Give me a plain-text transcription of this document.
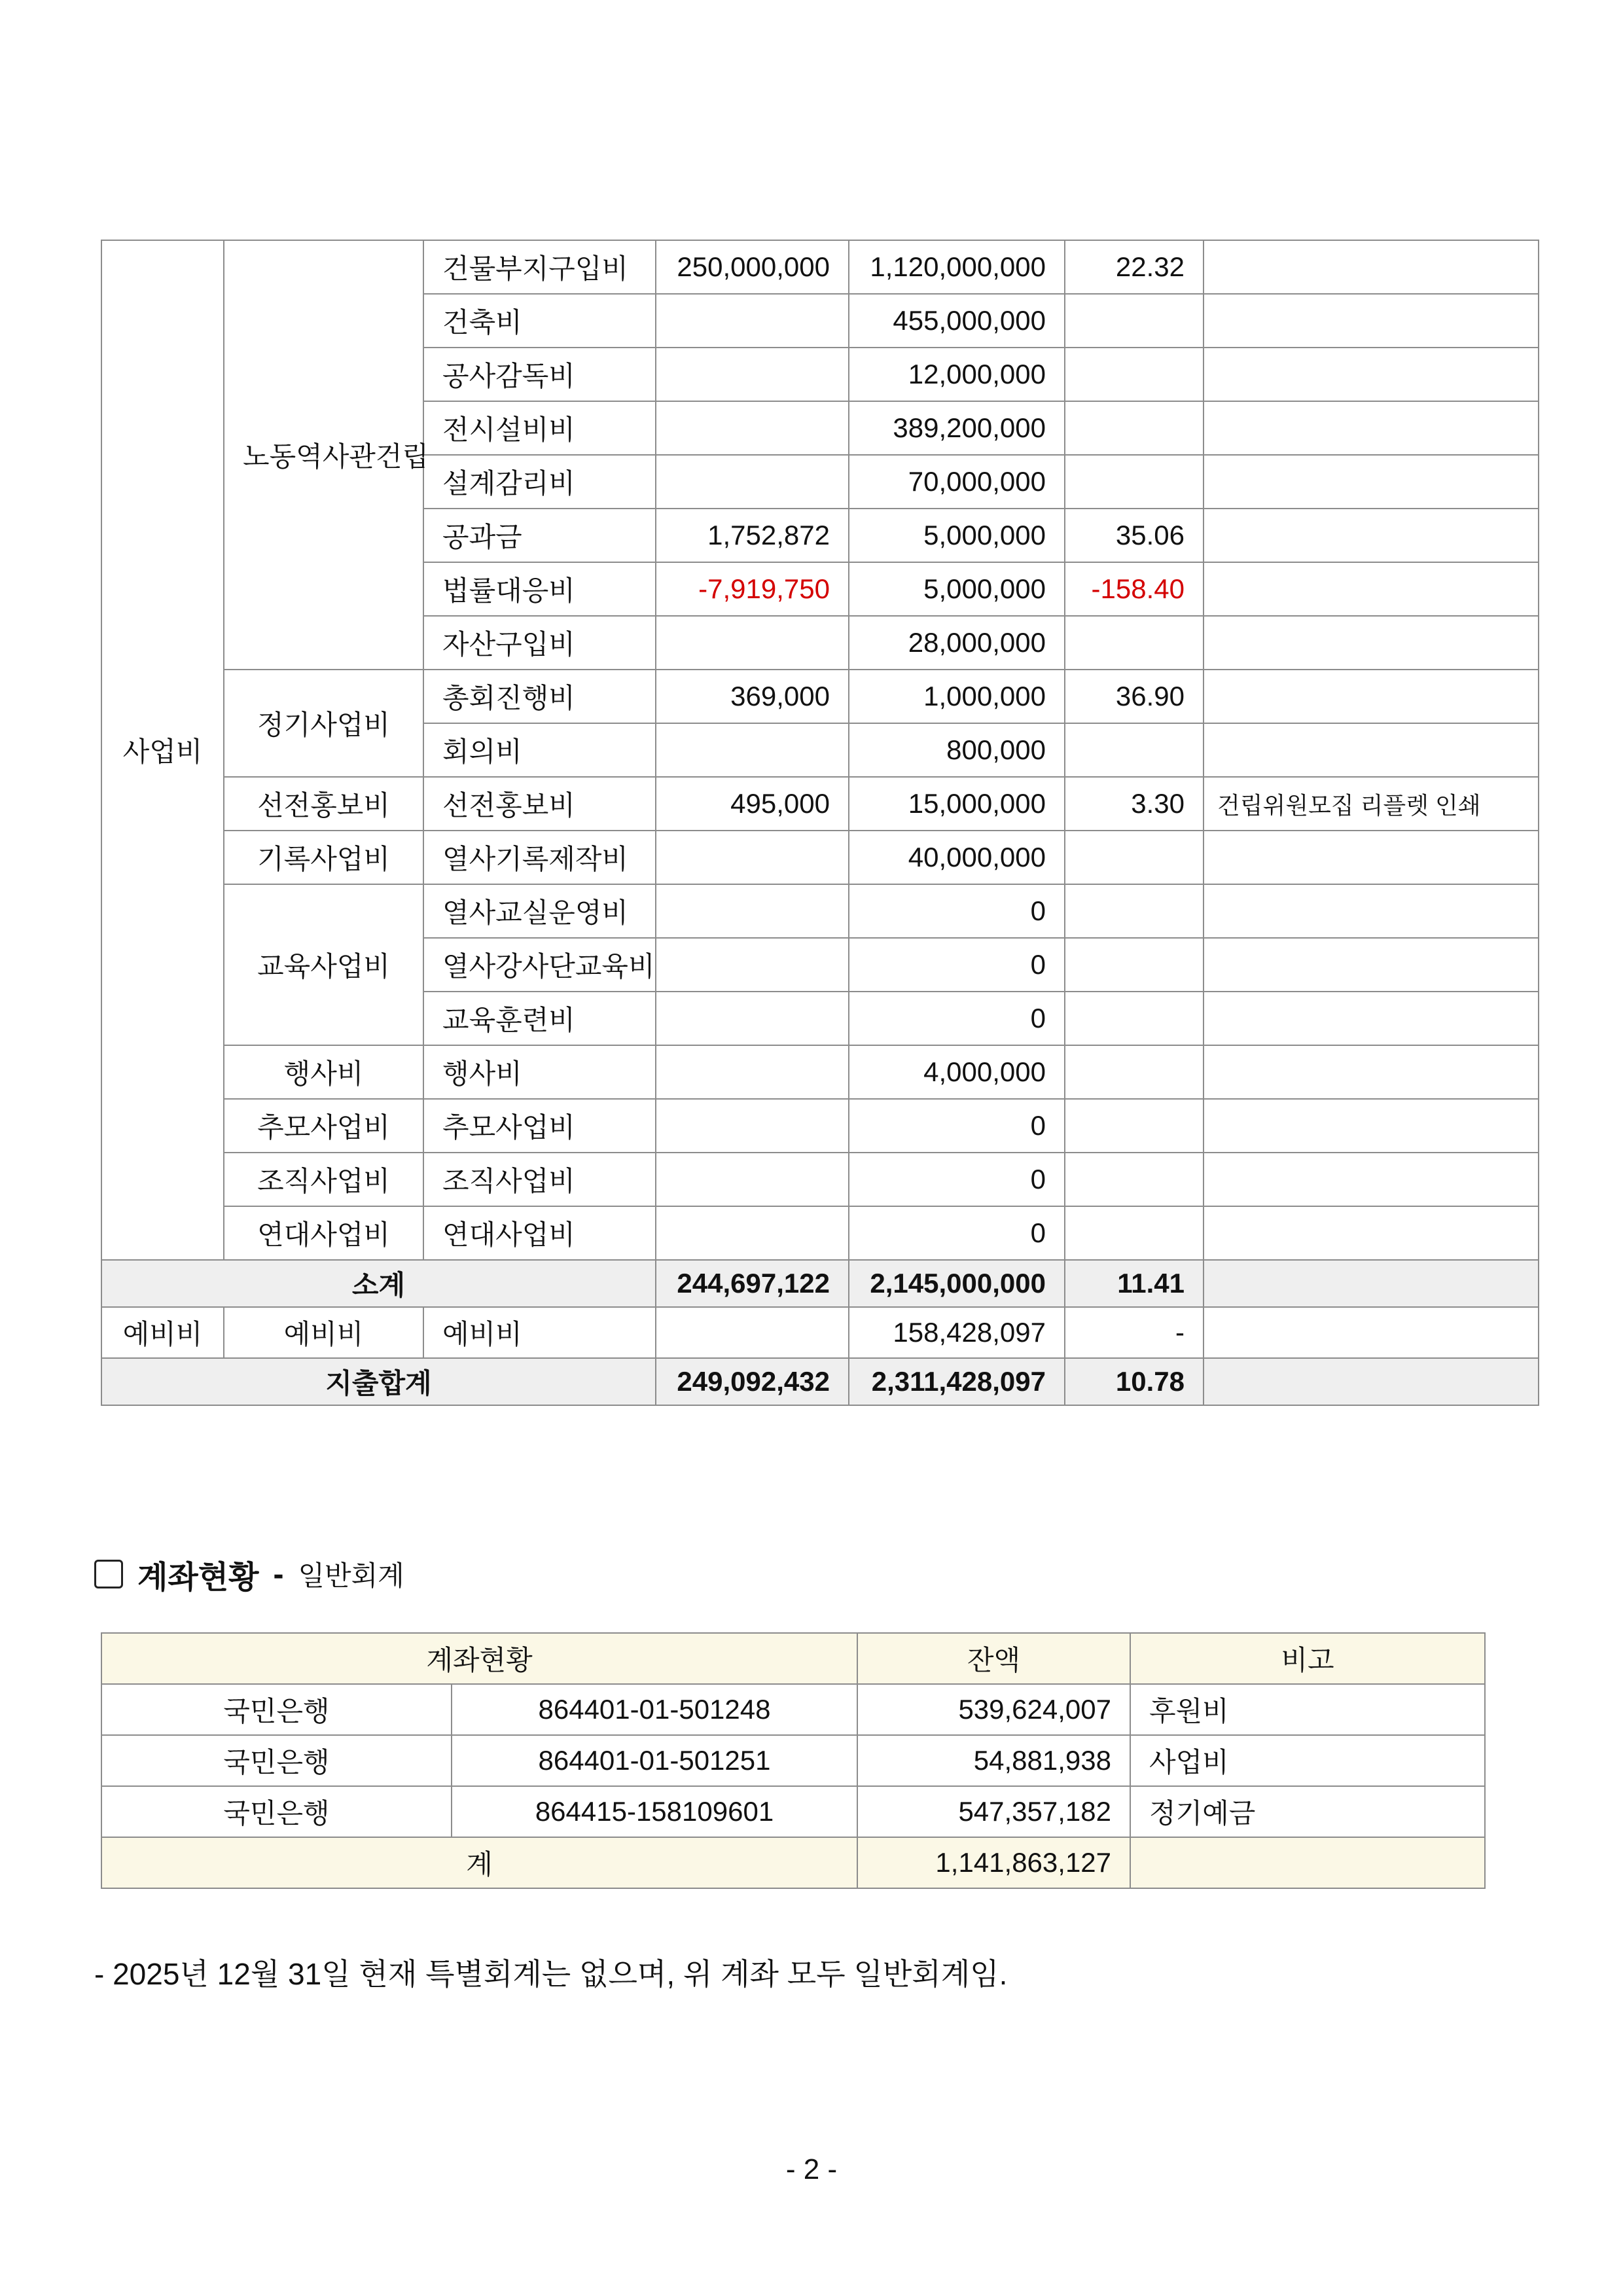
사업비	노동역사관건립	건물부지구입비	250,000,000	1,120,000,000	22.32	
		건축비		455,000,000		
		공사감독비		12,000,000		
		전시설비비		389,200,000		
		설계감리비		70,000,000		
		공과금	1,752,872	5,000,000	35.06	
		법률대응비	-7,919,750	5,000,000	-158.40	
		자산구입비		28,000,000		
	정기사업비	총회진행비	369,000	1,000,000	36.90	
		회의비		800,000		
	선전홍보비	선전홍보비	495,000	15,000,000	3.30	건립위원모집 리플렛 인쇄
	기록사업비	열사기록제작비		40,000,000		
	교육사업비	열사교실운영비		0		
		열사강사단교육비		0		
		교육훈련비		0		
	행사비	행사비		4,000,000		
	추모사업비	추모사업비		0		
	조직사업비	조직사업비		0		
	연대사업비	연대사업비		0		
소계			244,697,122	2,145,000,000	11.41	
예비비	예비비	예비비		158,428,097	-	
지출합계			249,092,432	2,311,428,097	10.78	
계좌현황 - 일반회계
계좌현황		잔액	비고
국민은행	864401-01-501248	539,624,007	후원비
국민은행	864401-01-501251	54,881,938	사업비
국민은행	864415-158109601	547,357,182	정기예금
계		1,141,863,127	
- 2025년 12월 31일 현재 특별회계는 없으며, 위 계좌 모두 일반회계임.
- 2 -
